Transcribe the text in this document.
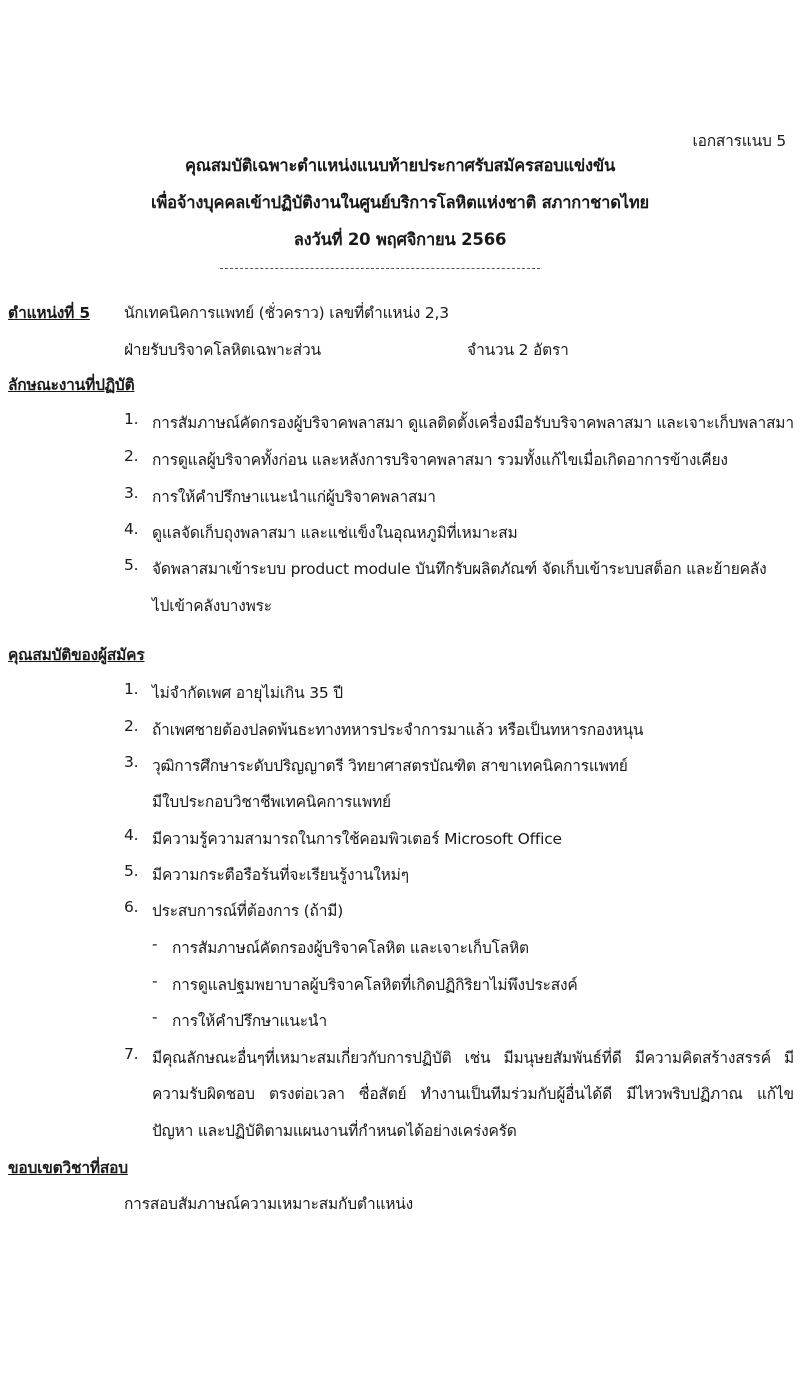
เอกสารแนบ 5
คุณสมบัติเฉพาะตำแหน่งแนบท้ายประกาศรับสมัครสอบแข่งขัน
เพื่อจ้างบุคคลเข้าปฏิบัติงานในศูนย์บริการโลหิตแห่งชาติ สภากาชาดไทย
ลงวันที่ 20 พฤศจิกายน 2566
ตำแหน่งที่ 5 นักเทคนิคการแพทย์ (ชั่วคราว) เลขที่ตำแหน่ง 2,3
ฝ่ายรับบริจาคโลหิตเฉพาะส่วน	จำนวน 2 อัตรา
ลักษณะงานที่ปฏิบัติ
1. การสัมภาษณ์คัดกรองผู้บริจาคพลาสมา ดูแลติดตั้งเครื่องมือรับบริจาคพลาสมา และเจาะเก็บพลาสมา
2. การดูแลผู้บริจาคทั้งก่อน และหลังการบริจาคพลาสมา รวมทั้งแก้ไขเมื่อเกิดอาการข้างเคียง
3. การให้คำปรึกษาแนะนำแก่ผู้บริจาคพลาสมา
4. ดูแลจัดเก็บถุงพลาสมา และแช่แข็งในอุณหภูมิที่เหมาะสม
5. จัดพลาสมาเข้าระบบ product module บันทึกรับผลิตภัณฑ์ จัดเก็บเข้าระบบสต็อก และย้ายคลัง
ไปเข้าคลังบางพระ
คุณสมบัติของผู้สมัคร
1. ไม่จำกัดเพศ อายุไม่เกิน 35 ปี
2. ถ้าเพศชายต้องปลดพ้นธะทางทหารประจำการมาแล้ว หรือเป็นทหารกองหนุน
3. วุฒิการศึกษาระดับปริญญาตรี วิทยาศาสตรบัณฑิต สาขาเทคนิคการแพทย์
มีใบประกอบวิชาชีพเทคนิคการแพทย์
4. มีความรู้ความสามารถในการใช้คอมพิวเตอร์ Microsoft Office
5. มีความกระตือรือร้นที่จะเรียนรู้งานใหม่ๆ
6. ประสบการณ์ที่ต้องการ (ถ้ามี)
- การสัมภาษณ์คัดกรองผู้บริจาคโลหิต และเจาะเก็บโลหิต
- การดูแลปฐมพยาบาลผู้บริจาคโลหิตที่เกิดปฏิกิริยาไม่พึงประสงค์
- การให้คำปรึกษาแนะนำ
7. มีคุณลักษณะอื่นๆที่เหมาะสมเกี่ยวกับการปฏิบัติ เช่น มีมนุษยสัมพันธ์ที่ดี มีความคิดสร้างสรรค์ มี
ความรับผิดชอบ ตรงต่อเวลา ซื่อสัตย์ ทำงานเป็นทีมร่วมกับผู้อื่นได้ดี มีไหวพริบปฏิภาณ แก้ไข
ปัญหา และปฏิบัติตามแผนงานที่กำหนดได้อย่างเคร่งครัด
ขอบเขตวิชาที่สอบ
การสอบสัมภาษณ์ความเหมาะสมกับตำแหน่ง
